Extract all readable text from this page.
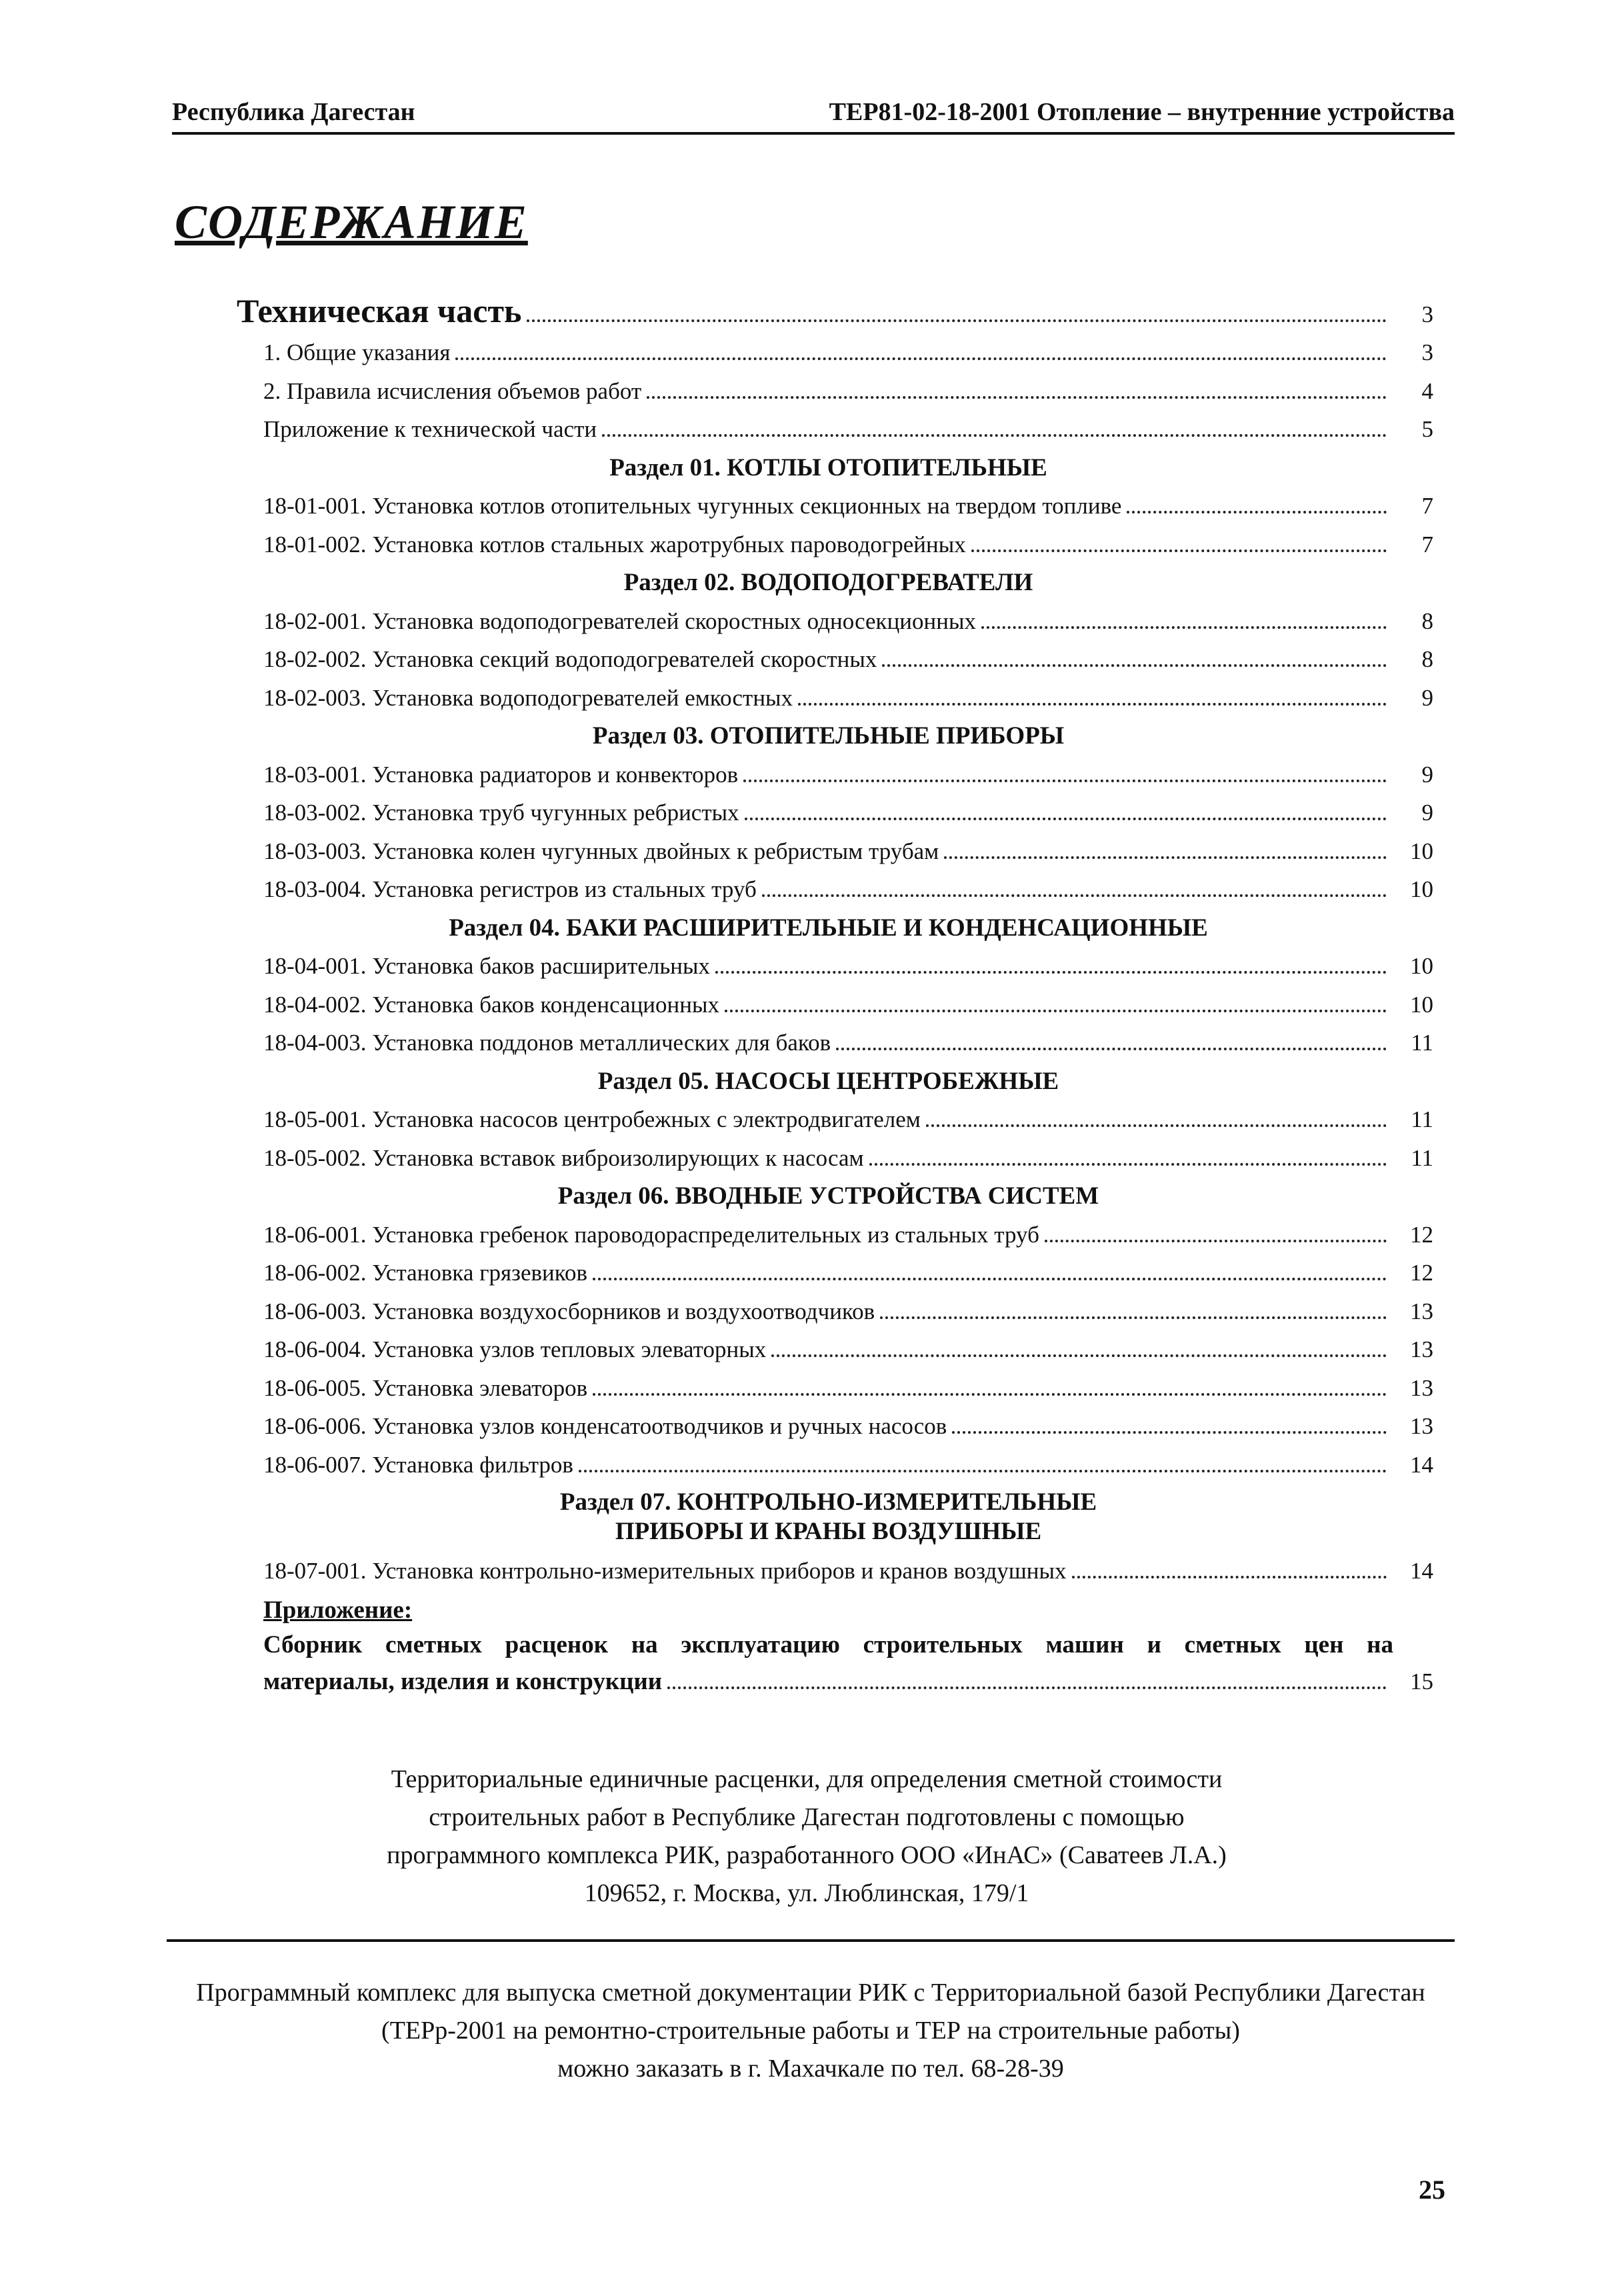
Республика Дагестан	ТЕР81-02-18-2001 Отопление – внутренние устройства
СОДЕРЖАНИЕ
Техническая часть	3
1. Общие указания	3
2. Правила исчисления объемов работ	4
Приложение к технической части	5
Раздел 01. КОТЛЫ ОТОПИТЕЛЬНЫЕ
18-01-001. Установка котлов отопительных чугунных секционных на твердом топливе	7
18-01-002. Установка котлов стальных жаротрубных пароводогрейных	7
Раздел 02. ВОДОПОДОГРЕВАТЕЛИ
18-02-001. Установка водоподогревателей скоростных односекционных	8
18-02-002. Установка секций водоподогревателей скоростных	8
18-02-003. Установка водоподогревателей емкостных	9
Раздел 03. ОТОПИТЕЛЬНЫЕ ПРИБОРЫ
18-03-001. Установка радиаторов и конвекторов	9
18-03-002. Установка труб чугунных ребристых	9
18-03-003. Установка колен чугунных двойных к ребристым трубам	10
18-03-004. Установка регистров из стальных труб	10
Раздел 04. БАКИ РАСШИРИТЕЛЬНЫЕ И КОНДЕНСАЦИОННЫЕ
18-04-001. Установка баков расширительных	10
18-04-002. Установка баков конденсационных	10
18-04-003. Установка поддонов металлических для баков	11
Раздел 05. НАСОСЫ ЦЕНТРОБЕЖНЫЕ
18-05-001. Установка насосов центробежных с электродвигателем	11
18-05-002. Установка вставок виброизолирующих к насосам	11
Раздел 06. ВВОДНЫЕ УСТРОЙСТВА СИСТЕМ
18-06-001. Установка гребенок пароводораспределительных из стальных труб	12
18-06-002. Установка грязевиков	12
18-06-003. Установка воздухосборников и воздухоотводчиков	13
18-06-004. Установка узлов тепловых элеваторных	13
18-06-005. Установка элеваторов	13
18-06-006. Установка узлов конденсатоотводчиков и ручных насосов	13
18-06-007. Установка фильтров	14
Раздел 07. КОНТРОЛЬНО-ИЗМЕРИТЕЛЬНЫЕ
ПРИБОРЫ И КРАНЫ ВОЗДУШНЫЕ
18-07-001. Установка контрольно-измерительных приборов и кранов воздушных	14
Приложение:
Сборник сметных расценок на эксплуатацию строительных машин и сметных цен на
материалы, изделия и конструкции	15
Территориальные единичные расценки, для определения сметной стоимости
строительных работ в Республике Дагестан подготовлены с помощью
программного комплекса РИК, разработанного ООО «ИнАС» (Саватеев Л.А.)
109652, г. Москва, ул. Люблинская, 179/1
Программный комплекс для выпуска сметной документации РИК с Территориальной базой Республики Дагестан
(ТЕРр-2001 на ремонтно-строительные работы и ТЕР на строительные работы)
можно заказать в г. Махачкале по тел. 68-28-39
25
